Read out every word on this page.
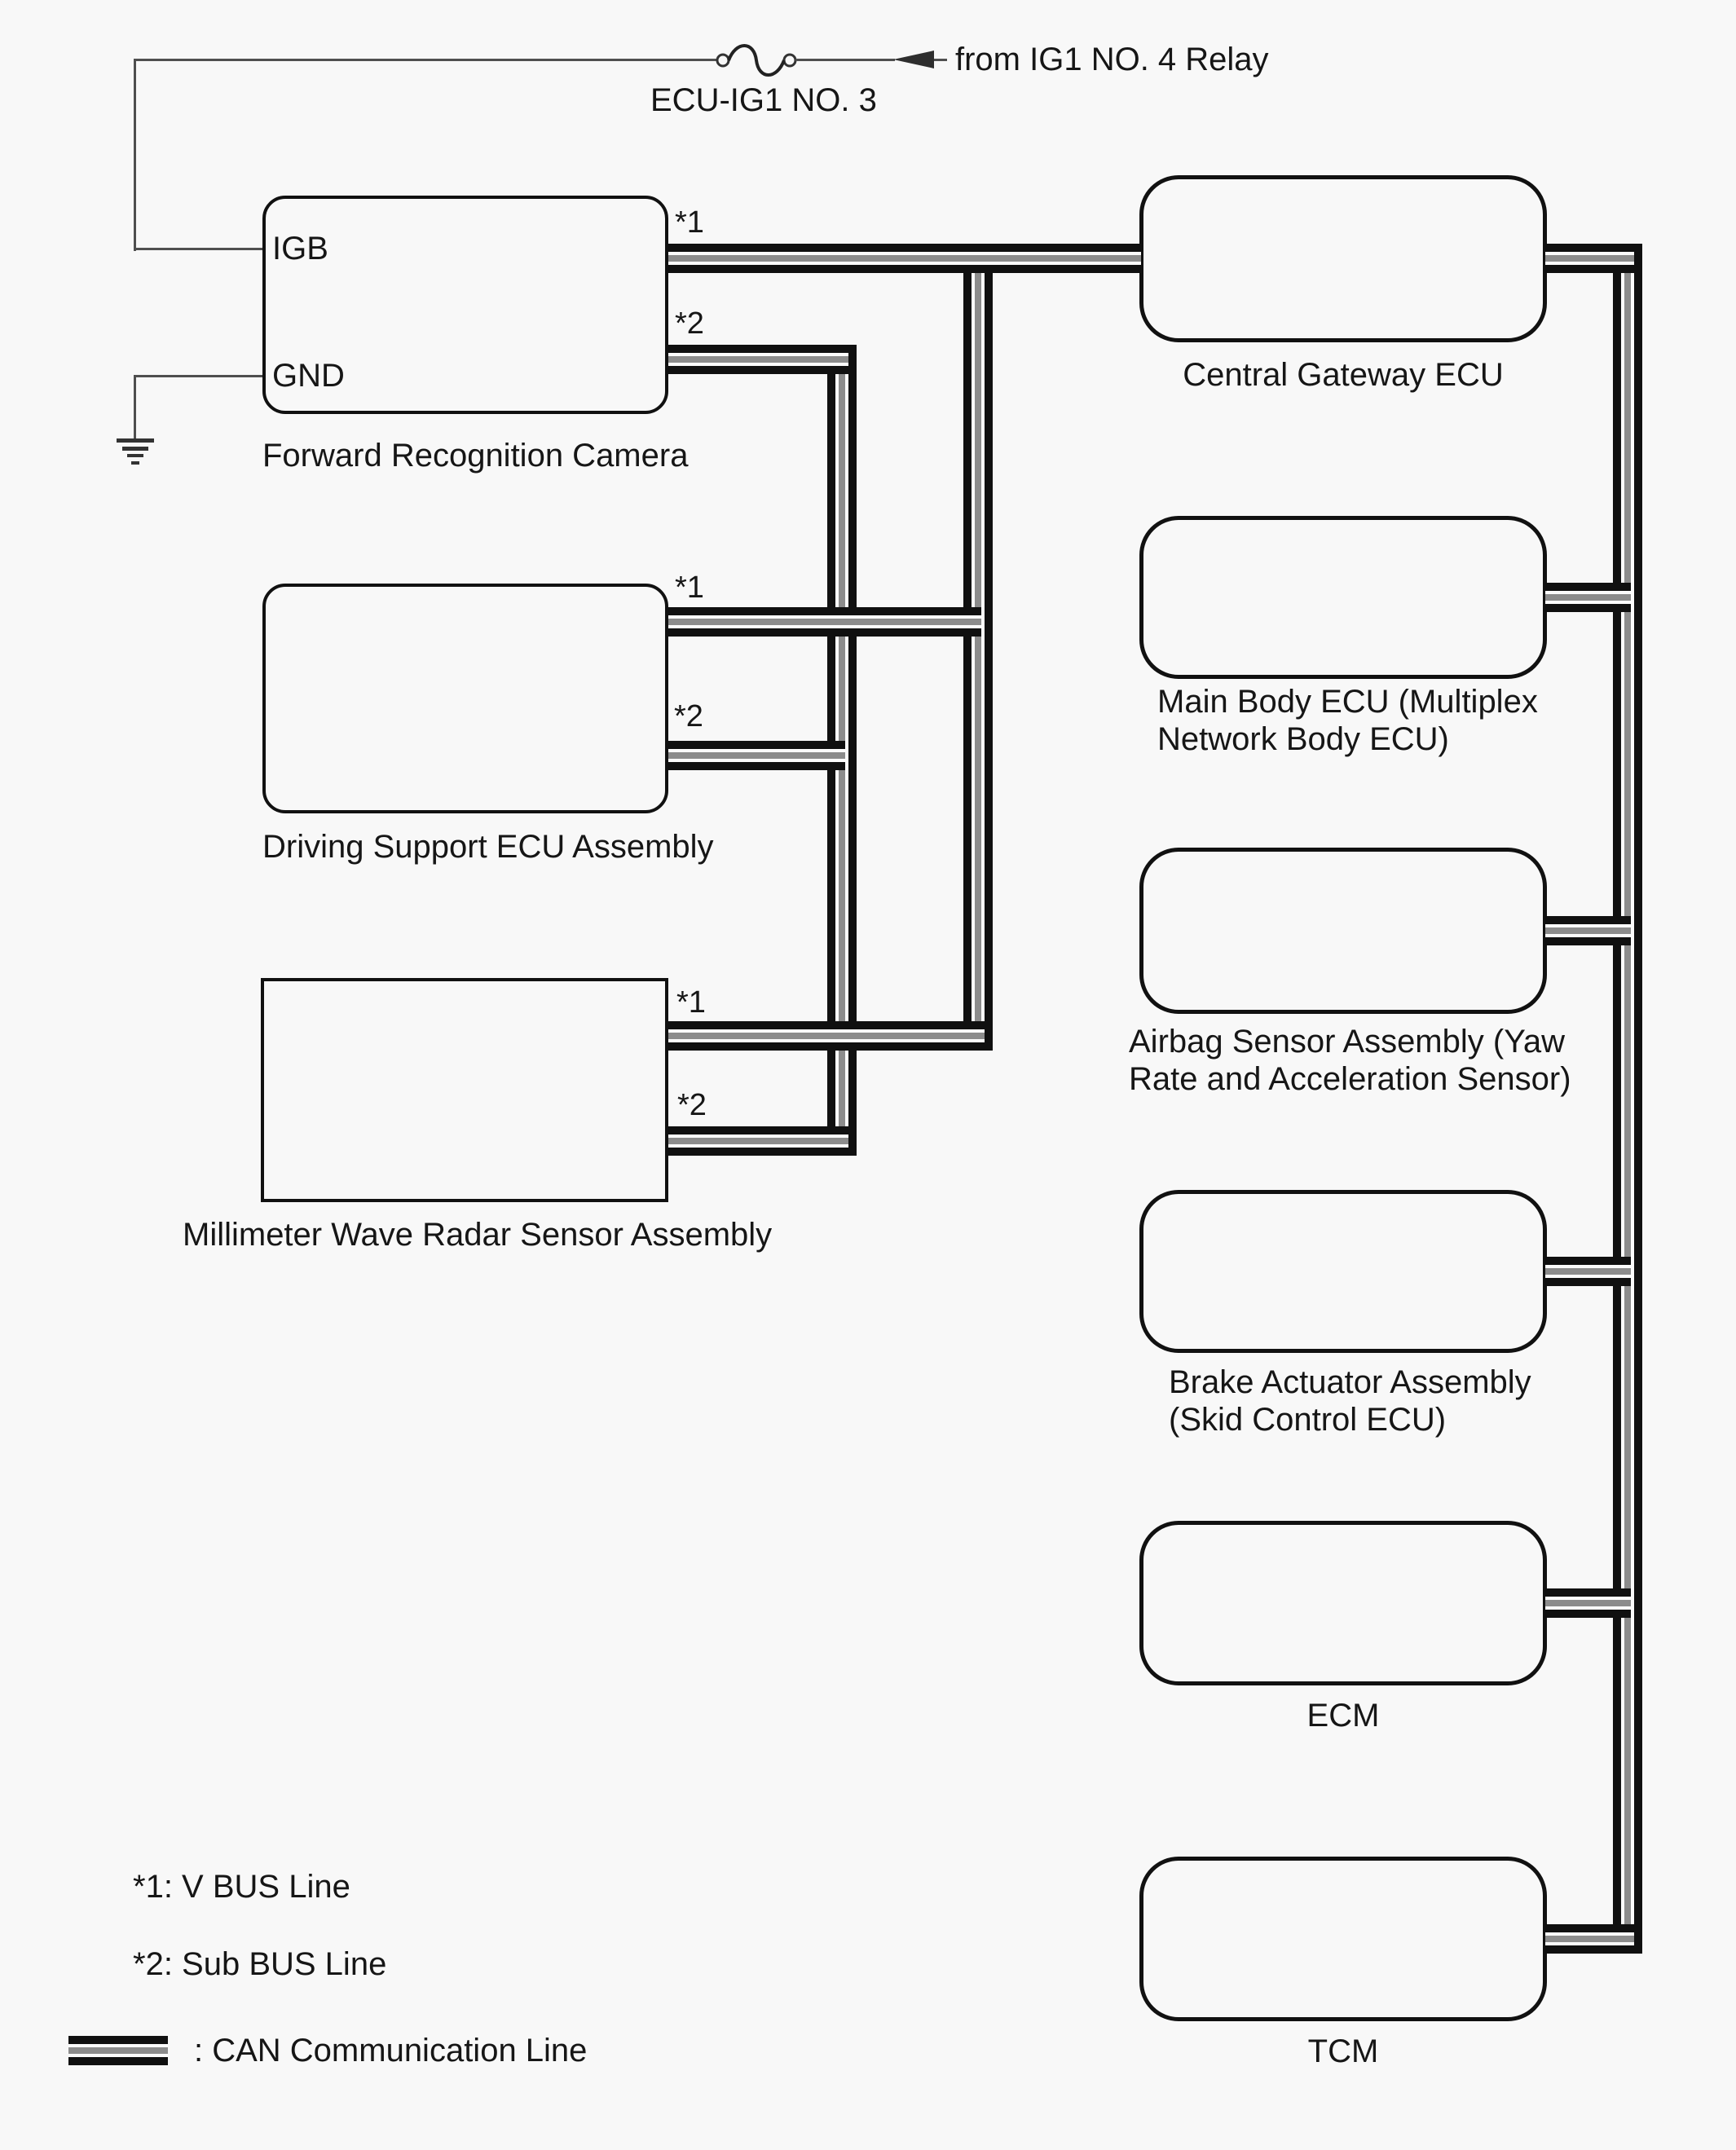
ECU-IG1 NO. 3
from IG1 NO. 4 Relay
IGB
GND
Forward Recognition Camera
*1
*2
Driving Support ECU Assembly
*1
*2
Millimeter Wave Radar Sensor Assembly
*1
*2
Central Gateway ECU
Main Body ECU (Multiplex
Network Body ECU)
Airbag Sensor Assembly (Yaw
Rate and Acceleration Sensor)
Brake Actuator Assembly
(Skid Control ECU)
ECM
TCM
*1: V BUS Line
*2: Sub BUS Line
: CAN Communication Line
